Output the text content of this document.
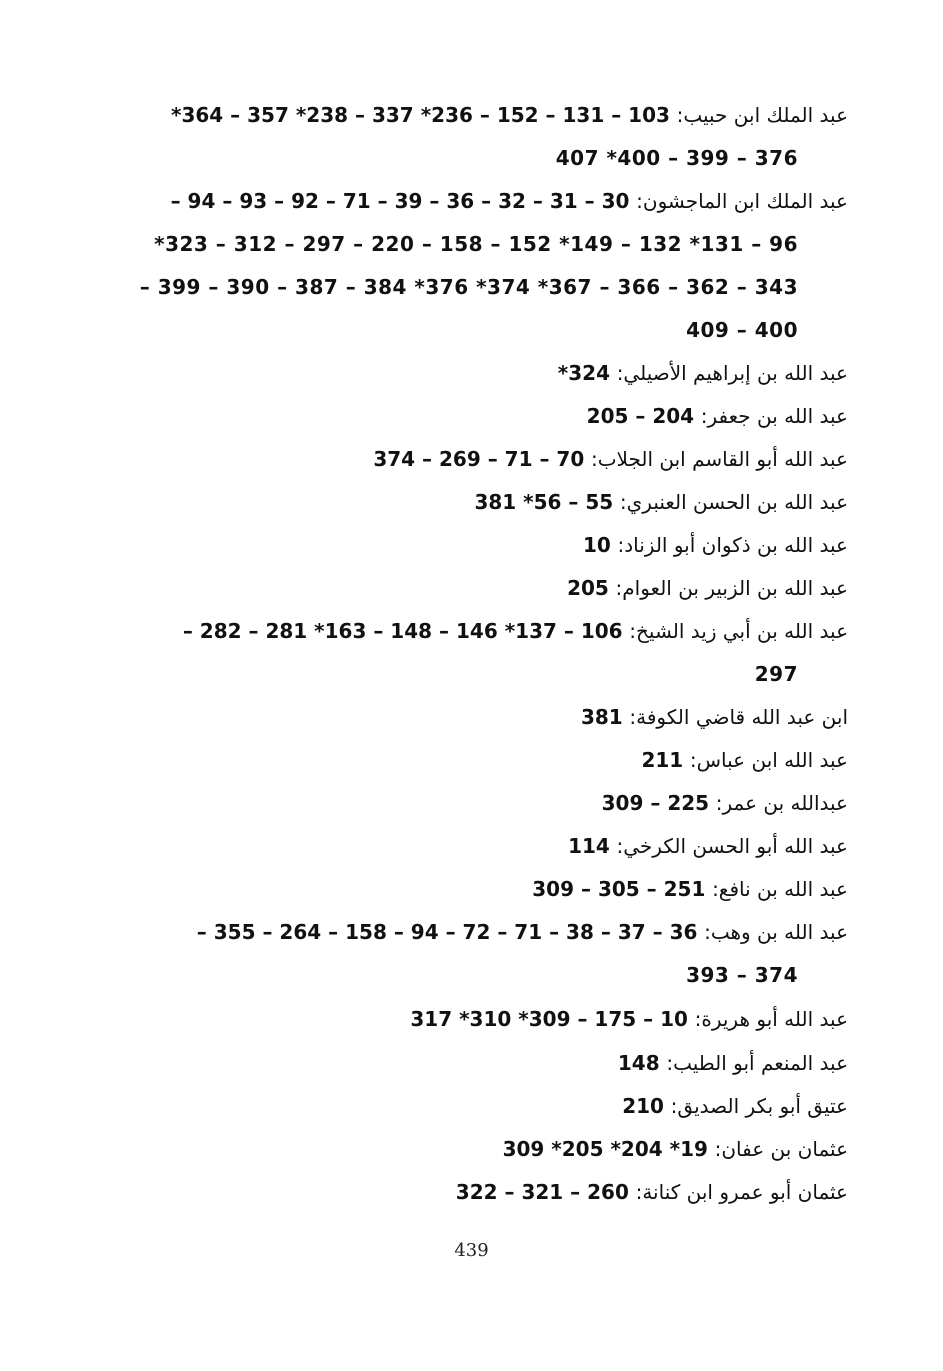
عبد الملك ابن حبيب: *364 – 357 *238 – 337 *236 – 152 – 131 – 103
407 *400 – 399 – 376
عبد الملك ابن الماجشون: – 94 – 93 – 92 – 71 – 39 – 36 – 32 – 31 – 30
*323 – 312 – 297 – 220 – 158 – 152 *149 – 132 *131 – 96
– 399 – 390 – 387 – 384 *376 *374 *367 – 366 – 362 – 343
409 – 400
عبد الله بن إبراهيم الأصيلي: *324
عبد الله بن جعفر: 205 – 204
عبد الله أبو القاسم ابن الجلاب: 374 – 269 – 71 – 70
عبد الله بن الحسن العنبري: 381 *56 – 55
عبد الله بن ذكوان أبو الزناد: 10
عبد الله بن الزبير بن العوام: 205
عبد الله بن أبي زيد الشيخ: – 282 – 281 *163 – 148 – 146 *137 – 106
297
ابن عبد الله قاضي الكوفة: 381
عبد الله ابن عباس: 211
عبدالله بن عمر: 309 – 225
عبد الله أبو الحسن الكرخي: 114
عبد الله بن نافع: 309 – 305 – 251
عبد الله بن وهب: – 355 – 264 – 158 – 94 – 72 – 71 – 38 – 37 – 36
393 – 374
عبد الله أبو هريرة: 317 *310 *309 – 175 – 10
عبد المنعم أبو الطيب: 148
عتيق أبو بكر الصديق: 210
عثمان بن عفان: 309 *205 *204 *19
عثمان أبو عمرو ابن كنانة: 322 – 321 – 260
439
